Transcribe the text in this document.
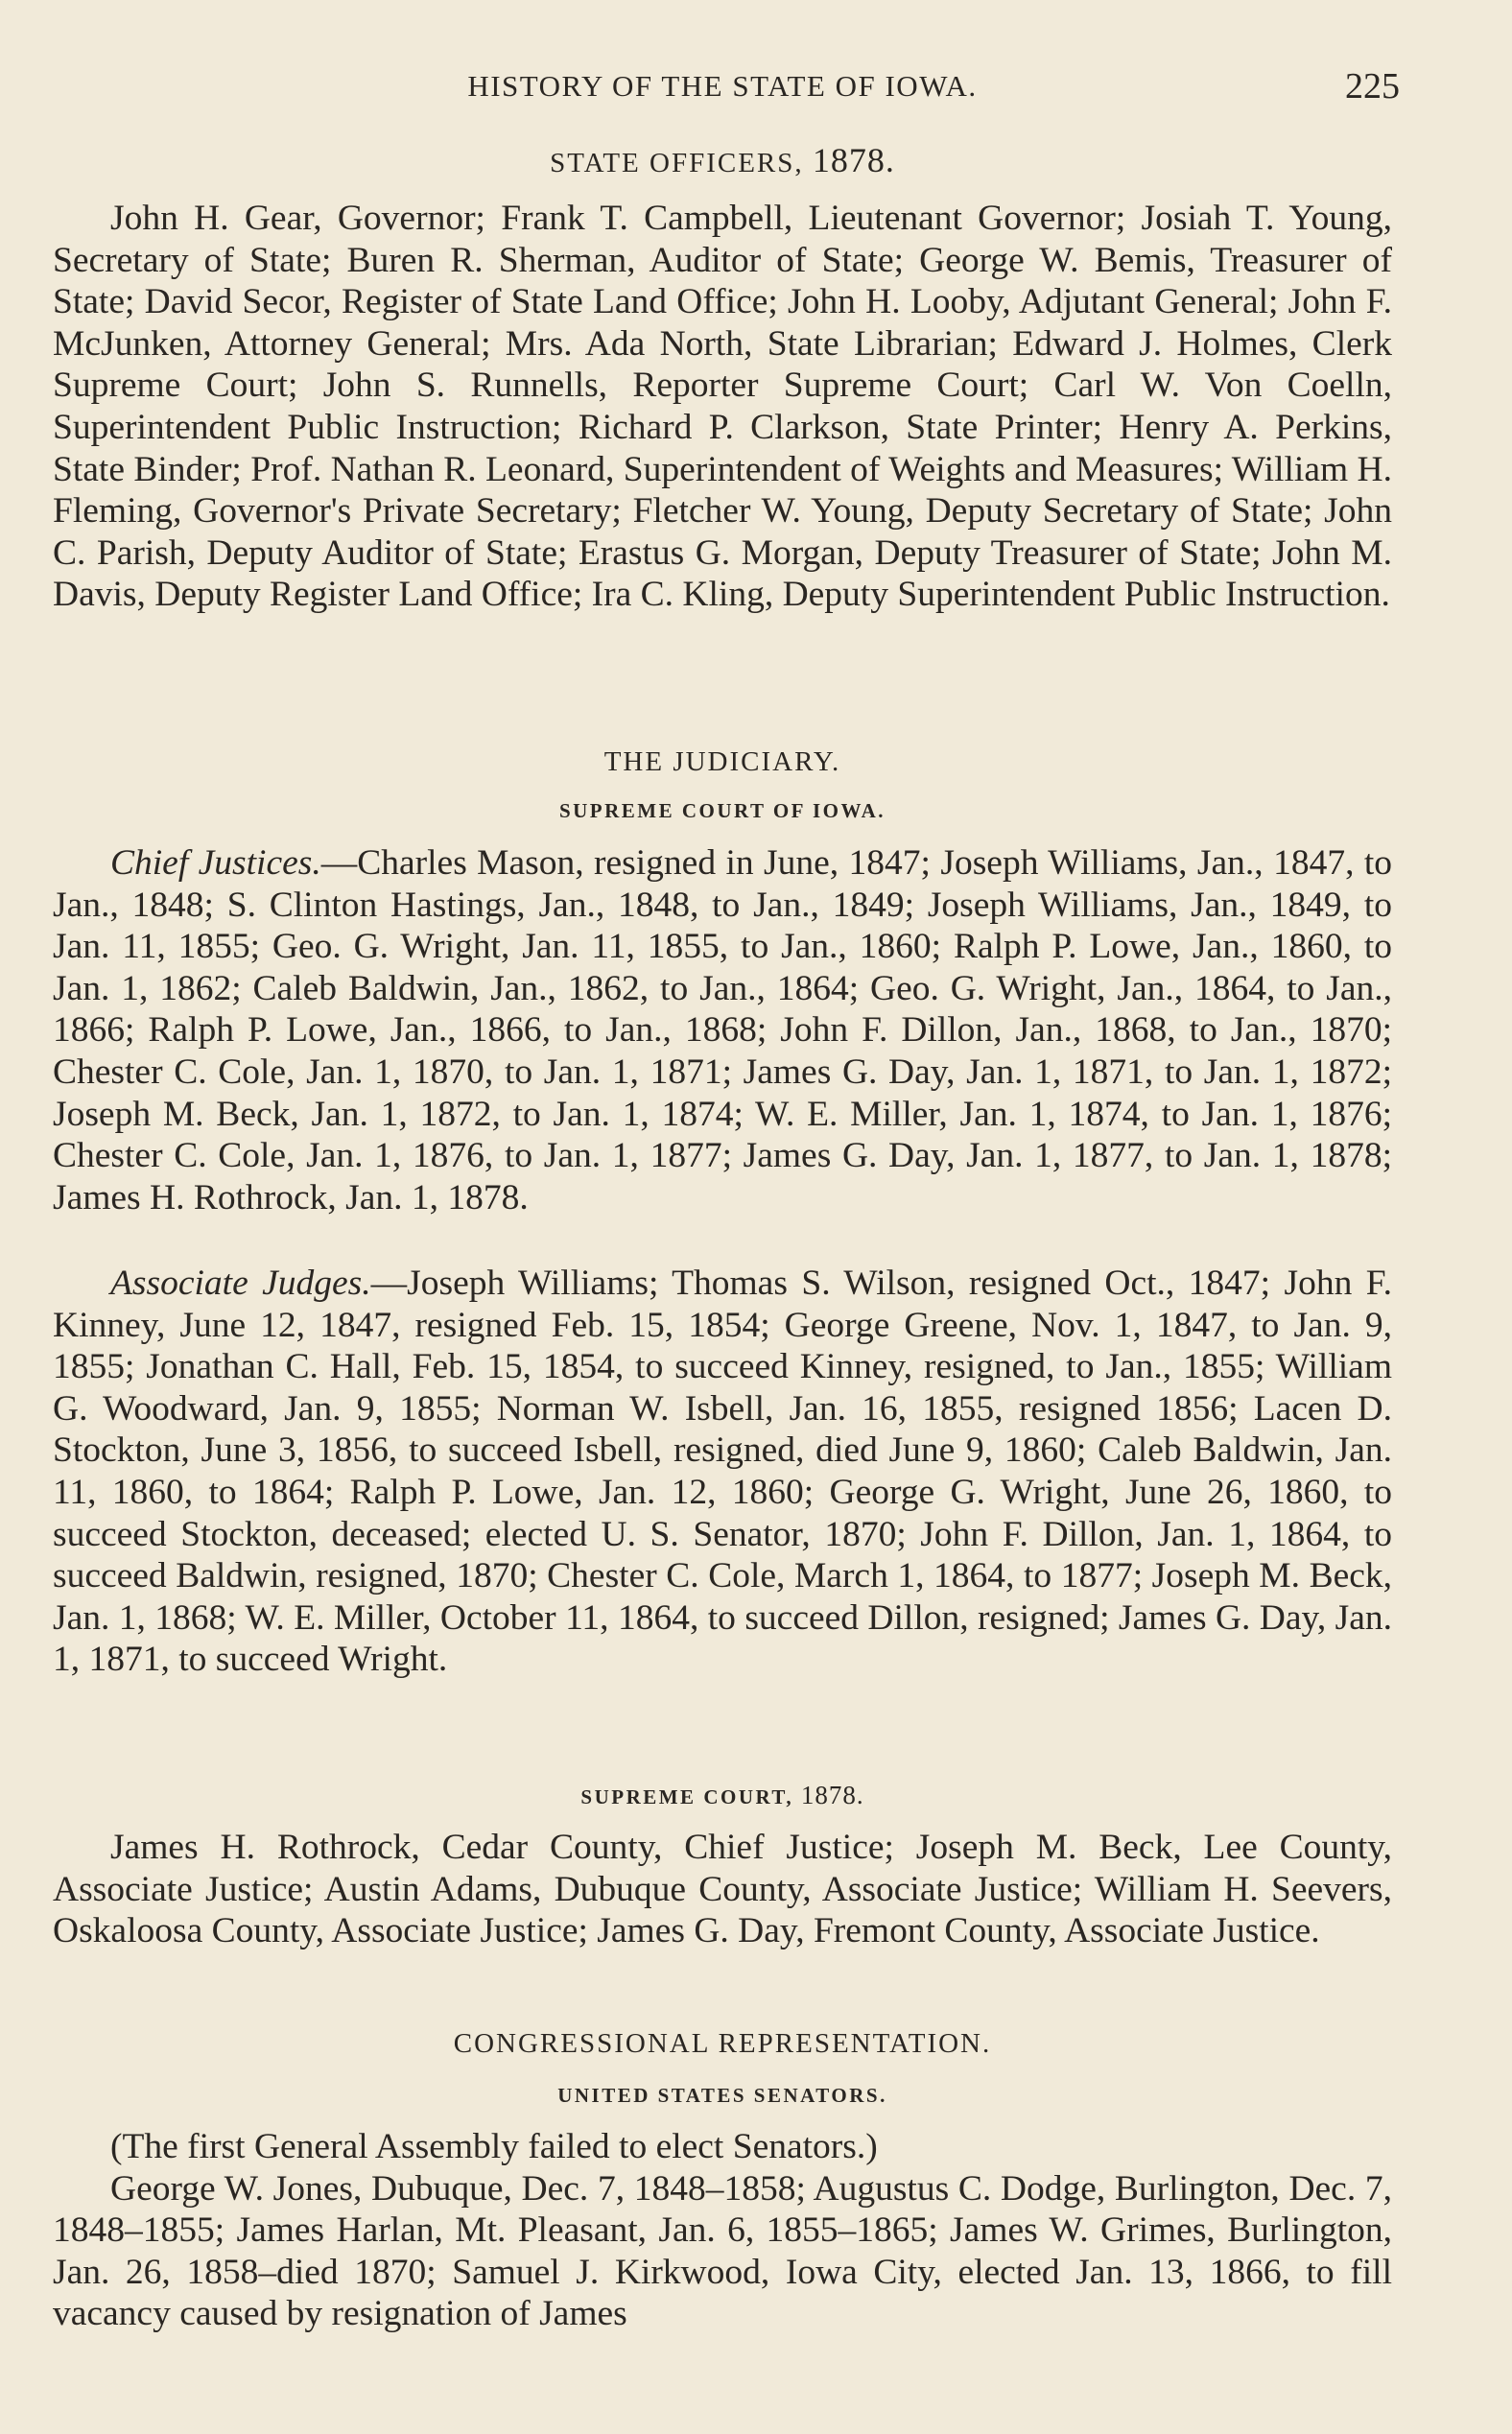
HISTORY OF THE STATE OF IOWA.	225

STATE OFFICERS, 1878.

John H. Gear, Governor; Frank T. Campbell, Lieutenant Governor; Josiah T. Young, Secretary of State; Buren R. Sherman, Auditor of State; George W. Bemis, Treasurer of State; David Secor, Register of State Land Office; John H. Looby, Adjutant General; John F. McJunken, Attorney General; Mrs. Ada North, State Librarian; Edward J. Holmes, Clerk Supreme Court; John S. Runnells, Reporter Supreme Court; Carl W. Von Coelln, Superintendent Public Instruction; Richard P. Clarkson, State Printer; Henry A. Perkins, State Binder; Prof. Nathan R. Leonard, Superintendent of Weights and Measures; William H. Fleming, Governor's Private Secretary; Fletcher W. Young, Deputy Secretary of State; John C. Parish, Deputy Auditor of State; Erastus G. Morgan, Deputy Treasurer of State; John M. Davis, Deputy Register Land Office; Ira C. Kling, Deputy Superintendent Public Instruction.

THE JUDICIARY.

SUPREME COURT OF IOWA.

Chief Justices.—Charles Mason, resigned in June, 1847; Joseph Williams, Jan., 1847, to Jan., 1848; S. Clinton Hastings, Jan., 1848, to Jan., 1849; Joseph Williams, Jan., 1849, to Jan. 11, 1855; Geo. G. Wright, Jan. 11, 1855, to Jan., 1860; Ralph P. Lowe, Jan., 1860, to Jan. 1, 1862; Caleb Baldwin, Jan., 1862, to Jan., 1864; Geo. G. Wright, Jan., 1864, to Jan., 1866; Ralph P. Lowe, Jan., 1866, to Jan., 1868; John F. Dillon, Jan., 1868, to Jan., 1870; Chester C. Cole, Jan. 1, 1870, to Jan. 1, 1871; James G. Day, Jan. 1, 1871, to Jan. 1, 1872; Joseph M. Beck, Jan. 1, 1872, to Jan. 1, 1874; W. E. Miller, Jan. 1, 1874, to Jan. 1, 1876; Chester C. Cole, Jan. 1, 1876, to Jan. 1, 1877; James G. Day, Jan. 1, 1877, to Jan. 1, 1878; James H. Rothrock, Jan. 1, 1878.

Associate Judges.—Joseph Williams; Thomas S. Wilson, resigned Oct., 1847; John F. Kinney, June 12, 1847, resigned Feb. 15, 1854; George Greene, Nov. 1, 1847, to Jan. 9, 1855; Jonathan C. Hall, Feb. 15, 1854, to succeed Kinney, resigned, to Jan., 1855; William G. Woodward, Jan. 9, 1855; Norman W. Isbell, Jan. 16, 1855, resigned 1856; Lacen D. Stockton, June 3, 1856, to succeed Isbell, resigned, died June 9, 1860; Caleb Baldwin, Jan. 11, 1860, to 1864; Ralph P. Lowe, Jan. 12, 1860; George G. Wright, June 26, 1860, to succeed Stockton, deceased; elected U. S. Senator, 1870; John F. Dillon, Jan. 1, 1864, to succeed Baldwin, resigned, 1870; Chester C. Cole, March 1, 1864, to 1877; Joseph M. Beck, Jan. 1, 1868; W. E. Miller, October 11, 1864, to succeed Dillon, resigned; James G. Day, Jan. 1, 1871, to succeed Wright.

SUPREME COURT, 1878.

James H. Rothrock, Cedar County, Chief Justice; Joseph M. Beck, Lee County, Associate Justice; Austin Adams, Dubuque County, Associate Justice; William H. Seevers, Oskaloosa County, Associate Justice; James G. Day, Fremont County, Associate Justice.

CONGRESSIONAL REPRESENTATION.

UNITED STATES SENATORS.

(The first General Assembly failed to elect Senators.)

George W. Jones, Dubuque, Dec. 7, 1848–1858; Augustus C. Dodge, Burlington, Dec. 7, 1848–1855; James Harlan, Mt. Pleasant, Jan. 6, 1855–1865; James W. Grimes, Burlington, Jan. 26, 1858–died 1870; Samuel J. Kirkwood, Iowa City, elected Jan. 13, 1866, to fill vacancy caused by resignation of James
